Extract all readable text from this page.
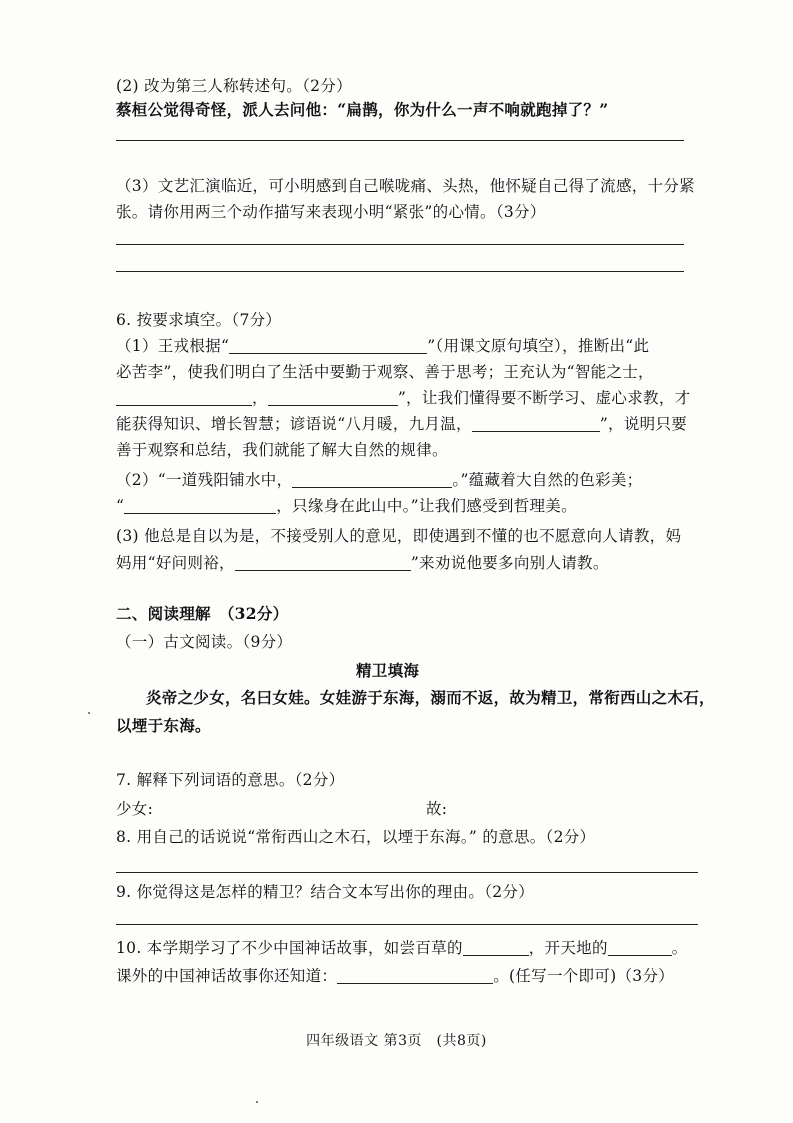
(2) 改为第三人称转述句。（2分）
蔡桓公觉得奇怪，派人去问他：“扁鹊，你为什么一声不响就跑掉了？”
（3）文艺汇演临近，可小明感到自己喉咙痛、头热，他怀疑自己得了流感，十分紧
张。请你用两三个动作描写来表现小明“紧张”的心情。（3分）
6. 按要求填空。（7分）
（1）王戎根据“	”（用课文原句填空），推断出“此
必苦李”，使我们明白了生活中要勤于观察、善于思考；王充认为“智能之士，
，	”，让我们懂得要不断学习、虚心求教，才
能获得知识、增长智慧；谚语说“八月暖，九月温，	”，说明只要
善于观察和总结，我们就能了解大自然的规律。
（2）“一道残阳铺水中，	。”蕴藏着大自然的色彩美；
“	，只缘身在此山中。”让我们感受到哲理美。
(3) 他总是自以为是，不接受别人的意见，即使遇到不懂的也不愿意向人请教，妈
妈用“好问则裕，	”来劝说他要多向别人请教。
二、阅读理解　（32分）
（一）古文阅读。（9分）
精卫填海
炎帝之少女，名曰女娃。女娃游于东海，溺而不返，故为精卫，常衔西山之木石，
以堙于东海。
7. 解释下列词语的意思。（2分）
少女:	故:
8. 用自己的话说说“常衔西山之木石，以堙于东海。” 的意思。（2分）
9. 你觉得这是怎样的精卫？结合文本写出你的理由。（2分）
10. 本学期学习了不少中国神话故事，如尝百草的	，开天地的	。
课外的中国神话故事你还知道：	。(任写一个即可)（3分）
四年级语文 第3页　(共8页)
